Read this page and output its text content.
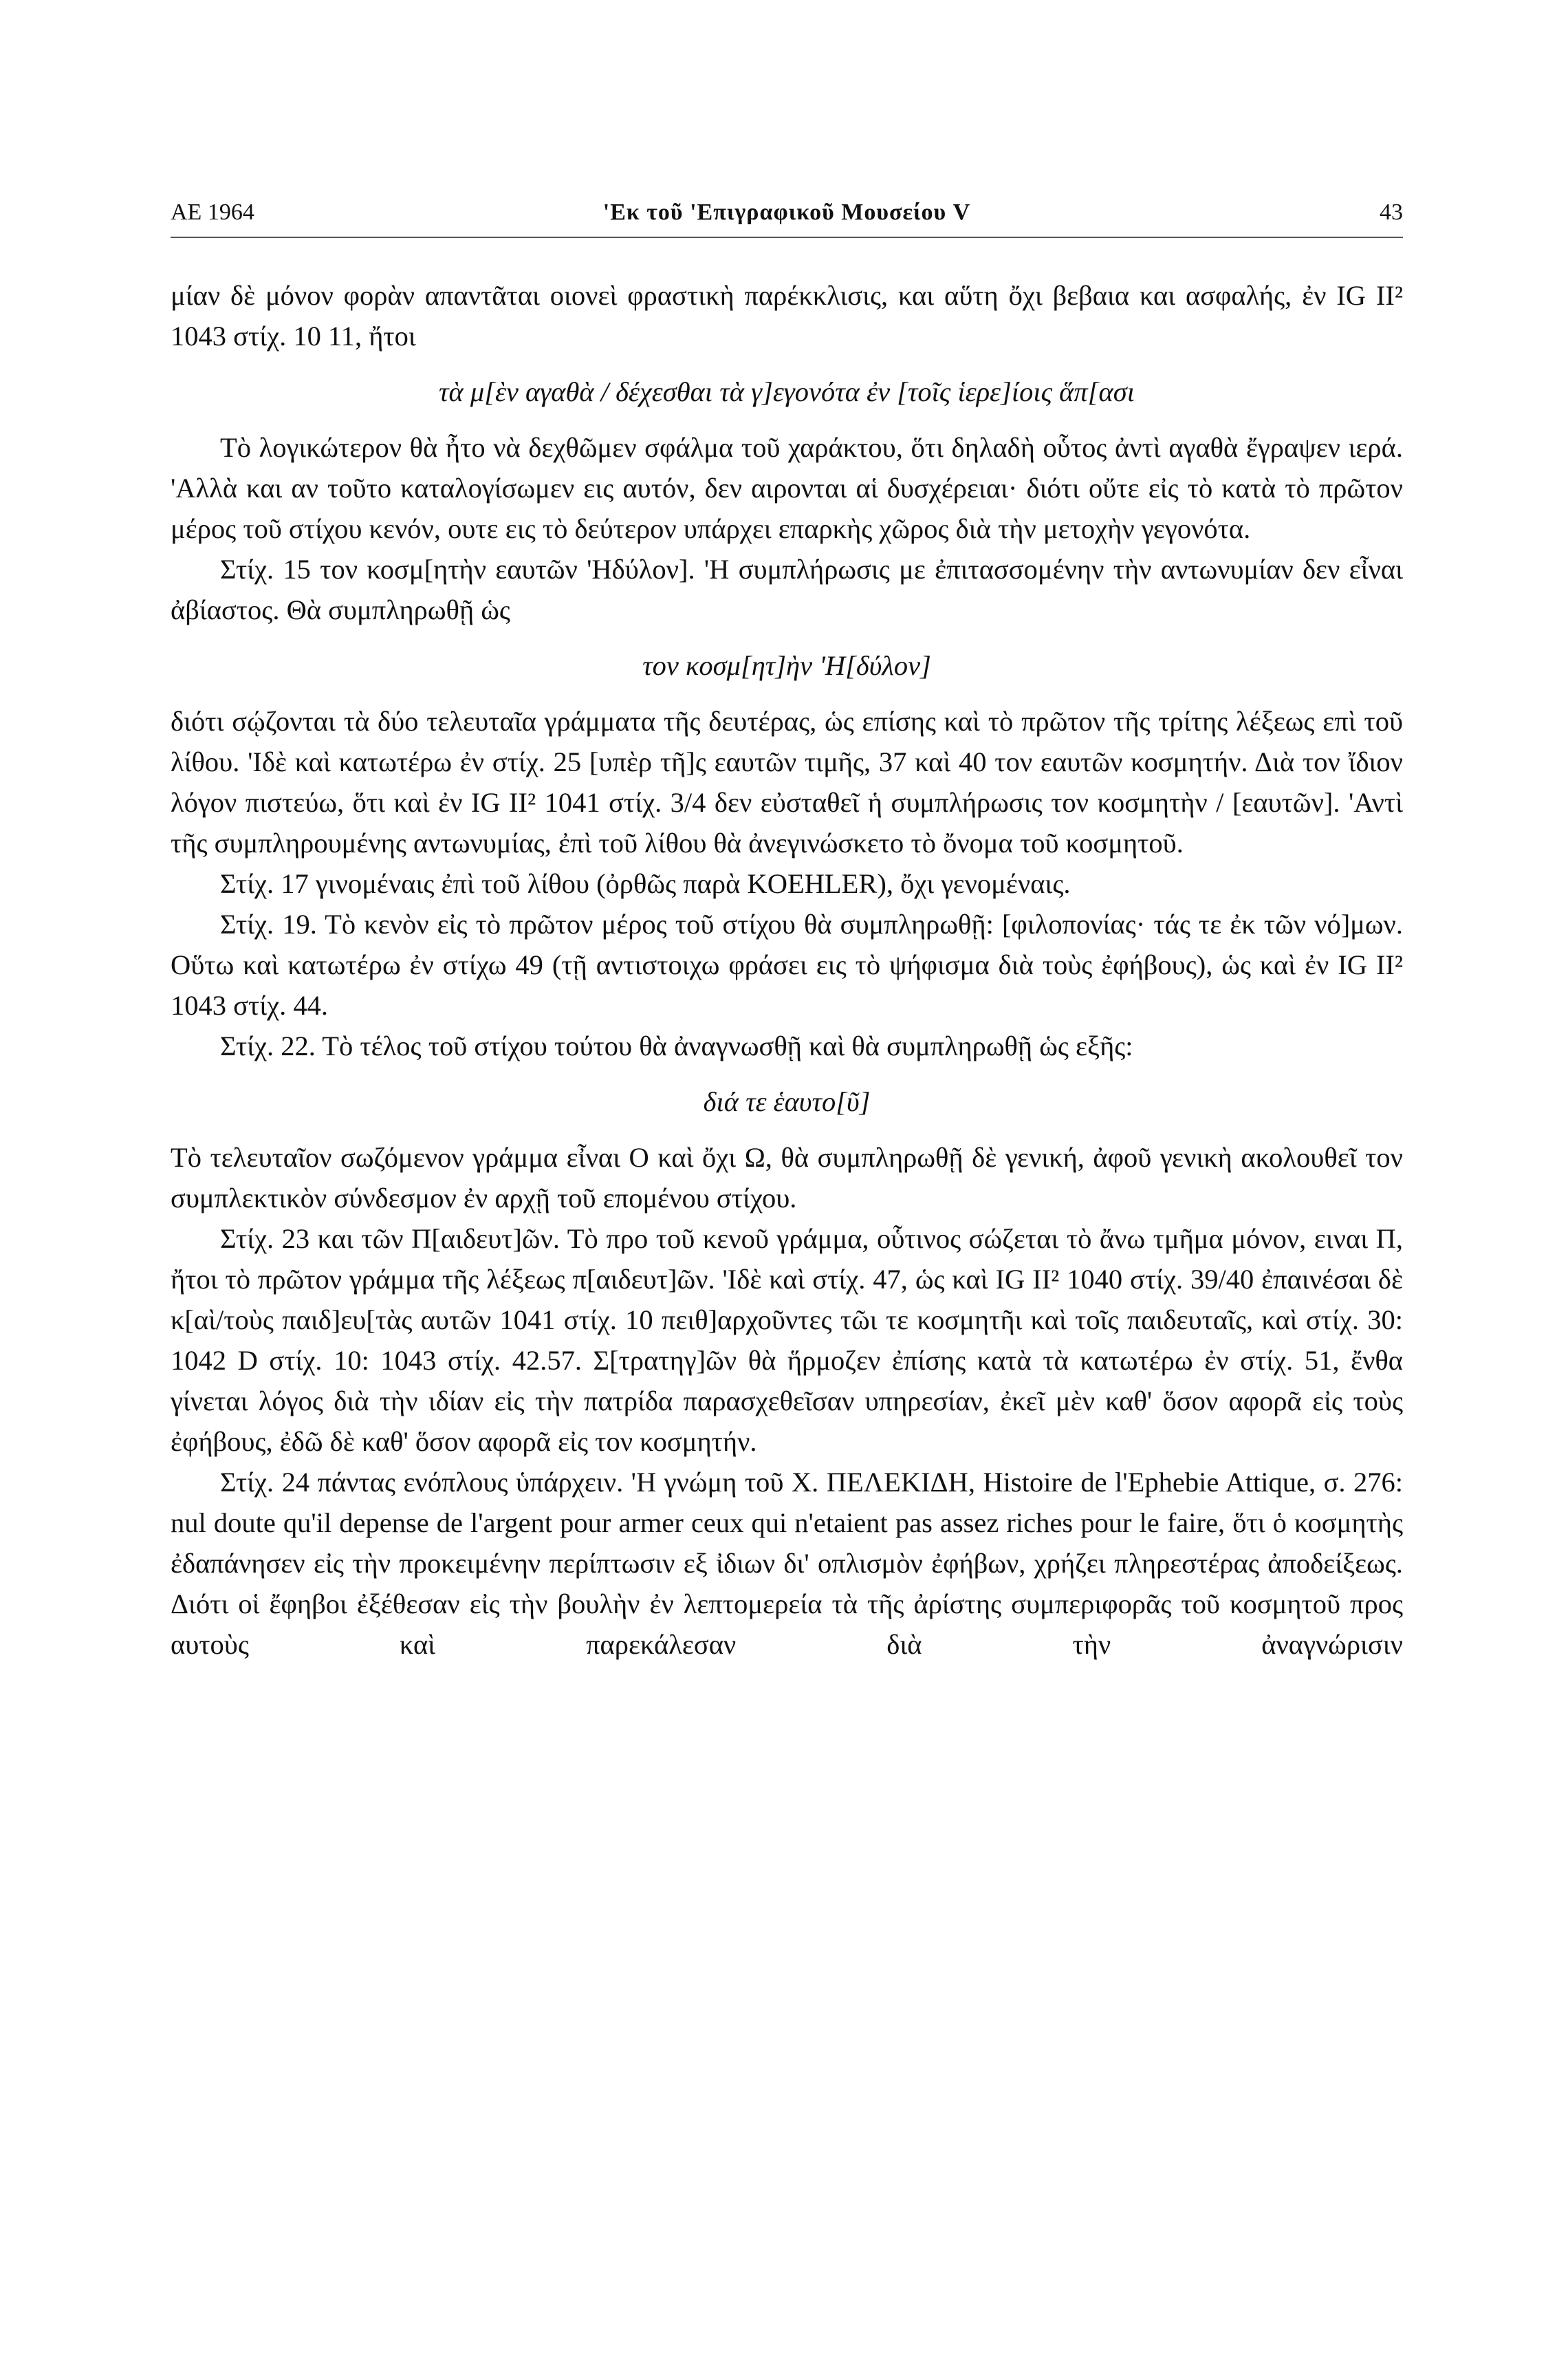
AE 1964	'Εκ τοῦ 'Επιγραφικοῦ Μουσείου V	43

μίαν δὲ μόνον φορὰν απαντᾶται οιονεὶ φραστικὴ παρέκκλισις, και αὕτη ὄχι βεβαια και ασφαλής, ἐν IG II² 1043 στίχ. 10 11, ἤτοι

τὰ μ[ὲν αγαθὰ / δέχεσθαι τὰ γ]εγονότα ἐν [τοῖς ἱερε]ίοις ἅπ[ασι

Τὸ λογικώτερον θὰ ἦτο νὰ δεχθῶμεν σφάλμα τοῦ χαράκτου, ὅτι δηλαδὴ οὗτος ἀντὶ αγαθὰ ἔγραψεν ιερά. 'Αλλὰ και αν τοῦτο καταλογίσωμεν εις αυτόν, δεν αιρονται αἱ δυσχέρειαι· διότι οὔτε εἰς τὸ κατὰ τὸ πρῶτον μέρος τοῦ στίχου κενόν, ουτε εις τὸ δεύτερον υπάρχει επαρκὴς χῶρος διὰ τὴν μετοχὴν γεγονότα.

Στίχ. 15 τον κοσμ[ητὴν εαυτῶν 'Ηδύλον]. 'Η συμπλήρωσις με ἐπιτασσομένην τὴν αντωνυμίαν δεν εἶναι ἀβίαστος. Θὰ συμπληρωθῇ ὡς

τον κοσμ[ητ]ὴν 'Η[δύλον]

διότι σῴζονται τὰ δύο τελευταῖα γράμματα τῆς δευτέρας, ὡς επίσης καὶ τὸ πρῶτον τῆς τρίτης λέξεως επὶ τοῦ λίθου. 'Ιδὲ καὶ κατωτέρω ἐν στίχ. 25 [υπὲρ τῆ]ς εαυτῶν τιμῆς, 37 καὶ 40 τον εαυτῶν κοσμητήν. Διὰ τον ἴδιον λόγον πιστεύω, ὅτι καὶ ἐν IG II² 1041 στίχ. 3/4 δεν εὐσταθεῖ ἡ συμπλήρωσις τον κοσμητὴν / [εαυτῶν]. 'Αντὶ τῆς συμπληρουμένης αντωνυμίας, ἐπὶ τοῦ λίθου θὰ ἀνεγινώσκετο τὸ ὄνομα τοῦ κοσμητοῦ.

Στίχ. 17 γινομέναις ἐπὶ τοῦ λίθου (ὀρθῶς παρὰ KOEHLER), ὄχι γενομέναις.

Στίχ. 19. Τὸ κενὸν εἰς τὸ πρῶτον μέρος τοῦ στίχου θὰ συμπληρωθῇ: [φιλοπονίας· τάς τε ἐκ τῶν νό]μων. Οὕτω καὶ κατωτέρω ἐν στίχω 49 (τῇ αντιστοιχω φράσει εις τὸ ψήφισμα διὰ τοὺς ἐφήβους), ὡς καὶ ἐν IG II² 1043 στίχ. 44.

Στίχ. 22. Τὸ τέλος τοῦ στίχου τούτου θὰ ἀναγνωσθῇ καὶ θὰ συμπληρωθῇ ὡς εξῆς:

διά τε ἑαυτο[ῦ]

Τὸ τελευταῖον σωζόμενον γράμμα εἶναι Ο καὶ ὄχι Ω, θὰ συμπληρωθῇ δὲ γενική, ἀφοῦ γενικὴ ακολουθεῖ τον συμπλεκτικὸν σύνδεσμον ἐν αρχῇ τοῦ επομένου στίχου.

Στίχ. 23 και τῶν Π[αιδευτ]ῶν. Τὸ προ τοῦ κενοῦ γράμμα, οὗτινος σώζεται τὸ ἄνω τμῆμα μόνον, ειναι Π, ἤτοι τὸ πρῶτον γράμμα τῆς λέξεως π[αιδευτ]ῶν. 'Ιδὲ καὶ στίχ. 47, ὡς καὶ IG II² 1040 στίχ. 39/40 ἐπαινέσαι δὲ κ[αὶ/τοὺς παιδ]ευ[τὰς αυτῶν 1041 στίχ. 10 πειθ]αρχοῦντες τῶι τε κοσμητῆι καὶ τοῖς παιδευταῖς, καὶ στίχ. 30: 1042 D στίχ. 10: 1043 στίχ. 42.57. Σ[τρατηγ]ῶν θὰ ἥρμοζεν ἐπίσης κατὰ τὰ κατωτέρω ἐν στίχ. 51, ἔνθα γίνεται λόγος διὰ τὴν ιδίαν εἰς τὴν πατρίδα παρασχεθεῖσαν υπηρεσίαν, ἐκεῖ μὲν καθ' ὅσον αφορᾶ εἰς τοὺς ἐφήβους, ἐδῶ δὲ καθ' ὅσον αφορᾶ εἰς τον κοσμητήν.

Στίχ. 24 πάντας ενόπλους ὑπάρχειν. 'Η γνώμη τοῦ Χ. ΠΕΛΕΚΙΔΗ, Histoire de l'Ephebie Attique, σ. 276: nul doute qu'il depense de l'argent pour armer ceux qui n'etaient pas assez riches pour le faire, ὅτι ὁ κοσμητὴς ἐδαπάνησεν εἰς τὴν προκειμένην περίπτωσιν εξ ἰδιων δι' οπλισμὸν ἐφήβων, χρήζει πληρεστέρας ἀποδείξεως. Διότι οἱ ἔφηβοι ἐξέθεσαν εἰς τὴν βουλὴν ἐν λεπτομερεία τὰ τῆς ἀρίστης συμπεριφορᾶς τοῦ κοσμητοῦ προς αυτοὺς καὶ παρεκάλεσαν διὰ τὴν ἀναγνώρισιν
